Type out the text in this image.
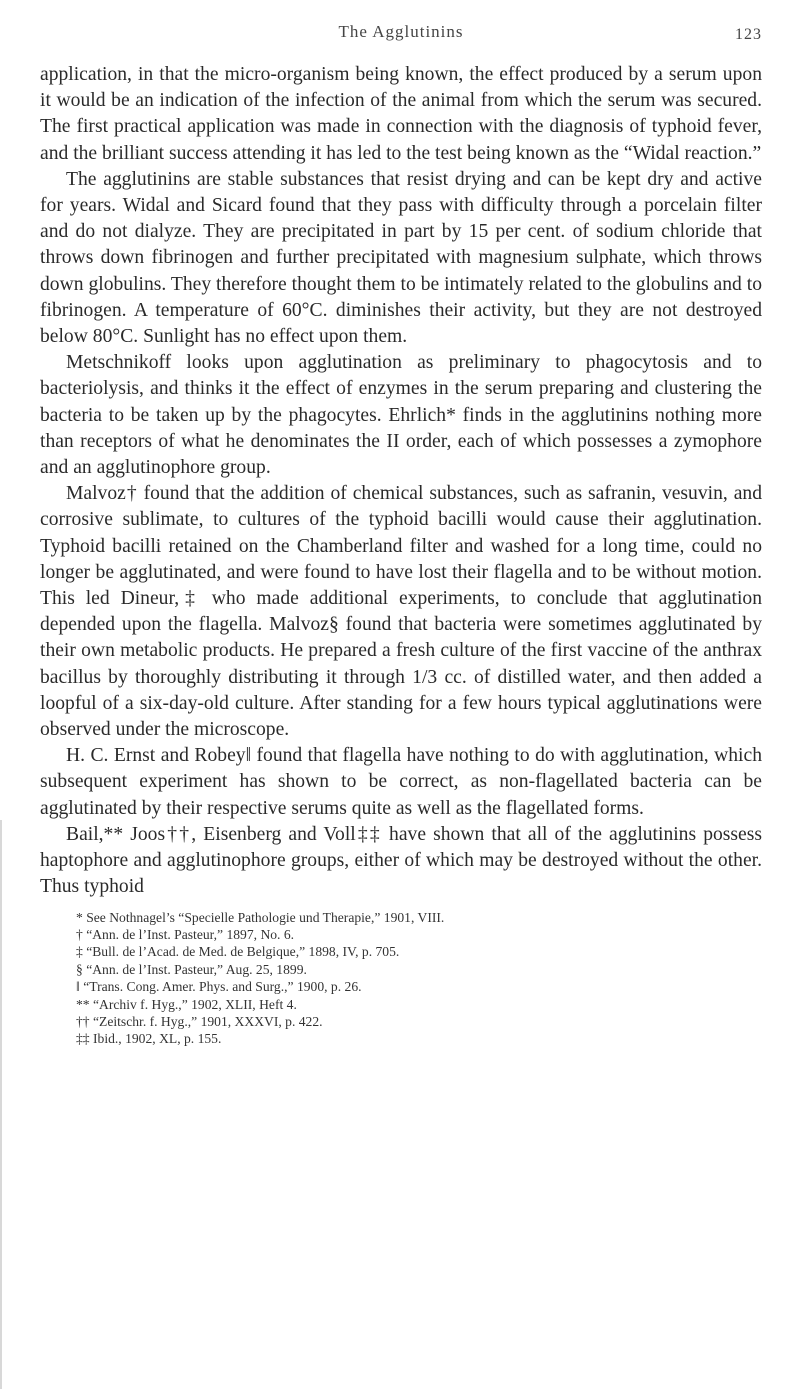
The Agglutinins	123

application, in that the micro-organism being known, the effect produced by a serum upon it would be an indication of the infection of the animal from which the serum was secured. The first practical application was made in connection with the diagnosis of typhoid fever, and the brilliant success attending it has led to the test being known as the “Widal reaction.”

The agglutinins are stable substances that resist drying and can be kept dry and active for years. Widal and Sicard found that they pass with difficulty through a porcelain filter and do not dialyze. They are precipitated in part by 15 per cent. of sodium chloride that throws down fibrinogen and further precipitated with magnesium sulphate, which throws down globulins. They therefore thought them to be intimately related to the globulins and to fibrinogen. A temperature of 60°C. diminishes their activity, but they are not destroyed below 80°C. Sunlight has no effect upon them.

Metschnikoff looks upon agglutination as preliminary to phagocytosis and to bacteriolysis, and thinks it the effect of enzymes in the serum preparing and clustering the bacteria to be taken up by the phagocytes. Ehrlich* finds in the agglutinins nothing more than receptors of what he denominates the II order, each of which possesses a zymophore and an agglutinophore group.

Malvoz† found that the addition of chemical substances, such as safranin, vesuvin, and corrosive sublimate, to cultures of the typhoid bacilli would cause their agglutination. Typhoid bacilli retained on the Chamberland filter and washed for a long time, could no longer be agglutinated, and were found to have lost their flagella and to be without motion. This led Dineur,‡ who made additional experiments, to conclude that agglutination depended upon the flagella. Malvoz§ found that bacteria were sometimes agglutinated by their own metabolic products. He prepared a fresh culture of the first vaccine of the anthrax bacillus by thoroughly distributing it through 1/3 cc. of distilled water, and then added a loopful of a six-day-old culture. After standing for a few hours typical agglutinations were observed under the microscope.

H. C. Ernst and Robey‖ found that flagella have nothing to do with agglutination, which subsequent experiment has shown to be correct, as non-flagellated bacteria can be agglutinated by their respective serums quite as well as the flagellated forms.

Bail,** Joos††, Eisenberg and Voll‡‡ have shown that all of the agglutinins possess haptophore and agglutinophore groups, either of which may be destroyed without the other. Thus typhoid

* See Nothnagel’s “Specielle Pathologie und Therapie,” 1901, VIII.
† “Ann. de l’Inst. Pasteur,” 1897, No. 6.
‡ “Bull. de l’Acad. de Med. de Belgique,” 1898, IV, p. 705.
§ “Ann. de l’Inst. Pasteur,” Aug. 25, 1899.
‖ “Trans. Cong. Amer. Phys. and Surg.,” 1900, p. 26.
** “Archiv f. Hyg.,” 1902, XLII, Heft 4.
†† “Zeitschr. f. Hyg.,” 1901, XXXVI, p. 422.
‡‡ Ibid., 1902, XL, p. 155.
